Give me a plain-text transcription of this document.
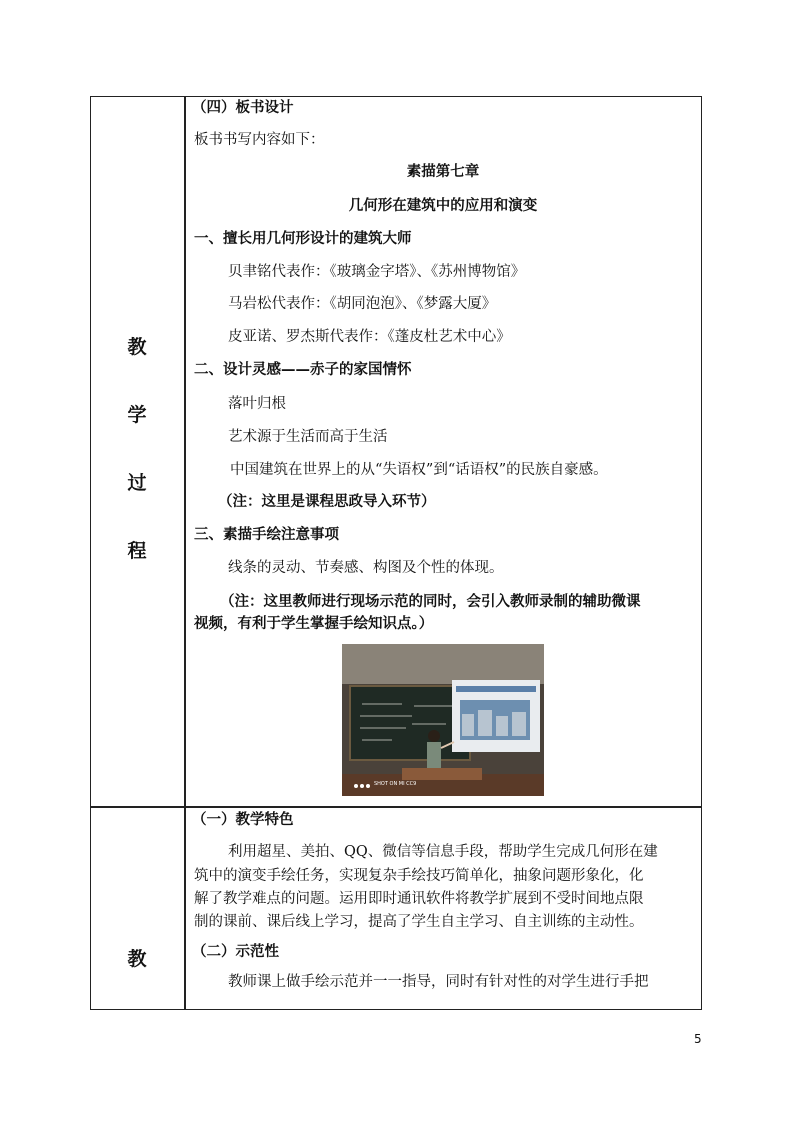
教
学
过
程
教
（四）板书设计
板书书写内容如下：
素描第七章
几何形在建筑中的应用和演变
一、擅长用几何形设计的建筑大师
贝聿铭代表作：《玻璃金字塔》、《苏州博物馆》
马岩松代表作：《胡同泡泡》、《梦露大厦》
皮亚诺、罗杰斯代表作：《蓬皮杜艺术中心》
二、设计灵感——赤子的家国情怀
落叶归根
艺术源于生活而高于生活
中国建筑在世界上的从“失语权”到“话语权”的民族自豪感。
（注：这里是课程思政导入环节）
三、素描手绘注意事项
线条的灵动、节奏感、构图及个性的体现。
（注：这里教师进行现场示范的同时，会引入教师录制的辅助微课
视频，有利于学生掌握手绘知识点。）
SHOT ON MI CC9
（一）教学特色
利用超星、美拍、QQ、微信等信息手段，帮助学生完成几何形在建
筑中的演变手绘任务，实现复杂手绘技巧简单化，抽象问题形象化，化
解了教学难点的问题。运用即时通讯软件将教学扩展到不受时间地点限
制的课前、课后线上学习，提高了学生自主学习、自主训练的主动性。
（二）示范性
教师课上做手绘示范并一一指导，同时有针对性的对学生进行手把
5
